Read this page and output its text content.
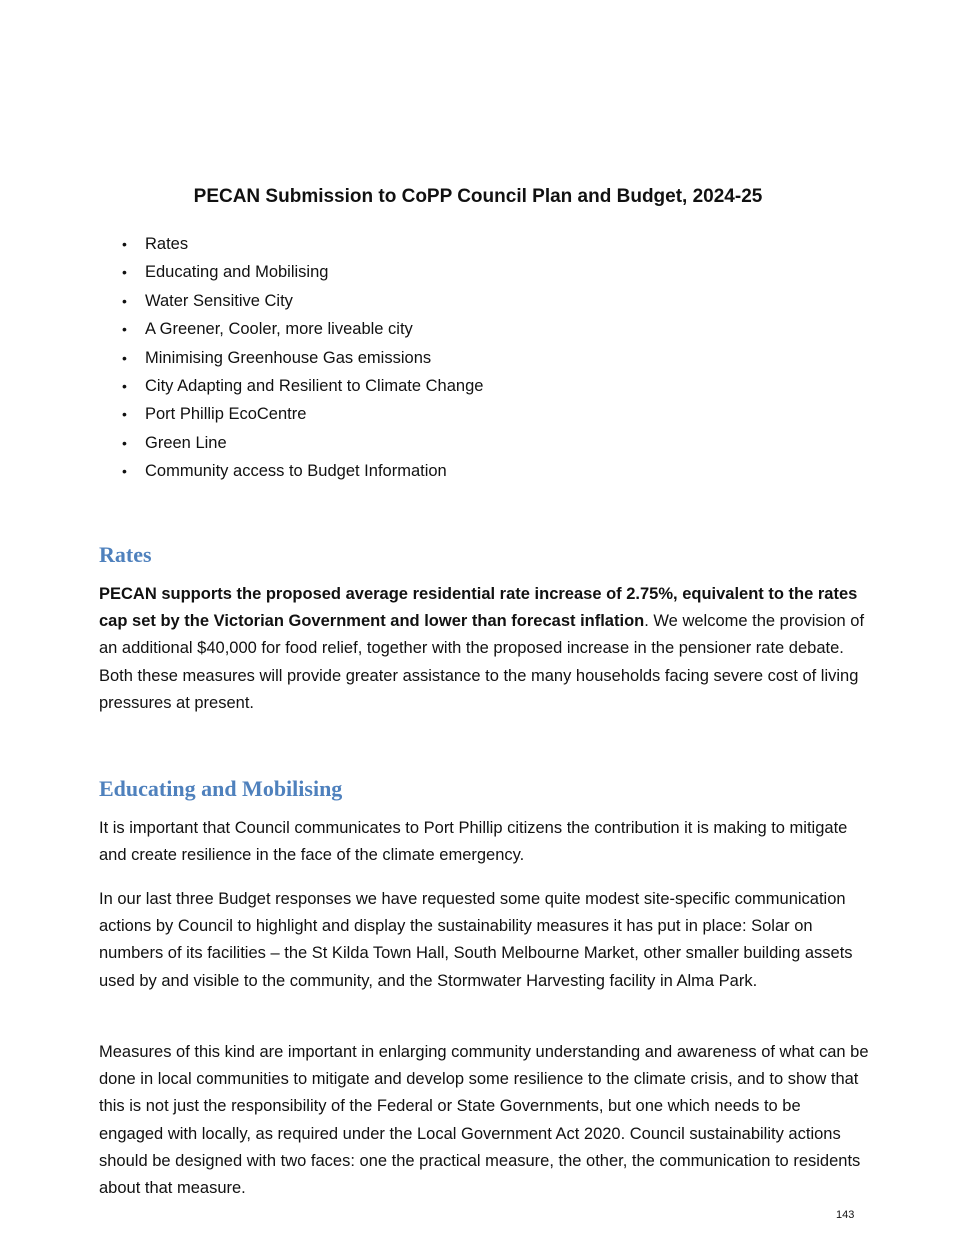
PECAN Submission to CoPP Council Plan and Budget, 2024-25
• Rates
• Educating and Mobilising
• Water Sensitive City
• A Greener, Cooler, more liveable city
• Minimising Greenhouse Gas emissions
• City Adapting and Resilient to Climate Change
• Port Phillip EcoCentre
• Green Line
• Community access to Budget Information
Rates

PECAN supports the proposed average residential rate increase of 2.75%, equivalent to the rates cap set by the Victorian Government and lower than forecast inflation. We welcome the provision of an additional $40,000 for food relief, together with the proposed increase in the pensioner rate debate. Both these measures will provide greater assistance to the many households facing severe cost of living pressures at present.

Educating and Mobilising

It is important that Council communicates to Port Phillip citizens the contribution it is making to mitigate and create resilience in the face of the climate emergency.

In our last three Budget responses we have requested some quite modest site-specific communication actions by Council to highlight and display the sustainability measures it has put in place: Solar on numbers of its facilities – the St Kilda Town Hall, South Melbourne Market, other smaller building assets used by and visible to the community, and the Stormwater Harvesting facility in Alma Park.

Measures of this kind are important in enlarging community understanding and awareness of what can be done in local communities to mitigate and develop some resilience to the climate crisis, and to show that this is not just the responsibility of the Federal or State Governments, but one which needs to be engaged with locally, as required under the Local Government Act 2020. Council sustainability actions should be designed with two faces: one the practical measure, the other, the communication to residents about that measure.

143
